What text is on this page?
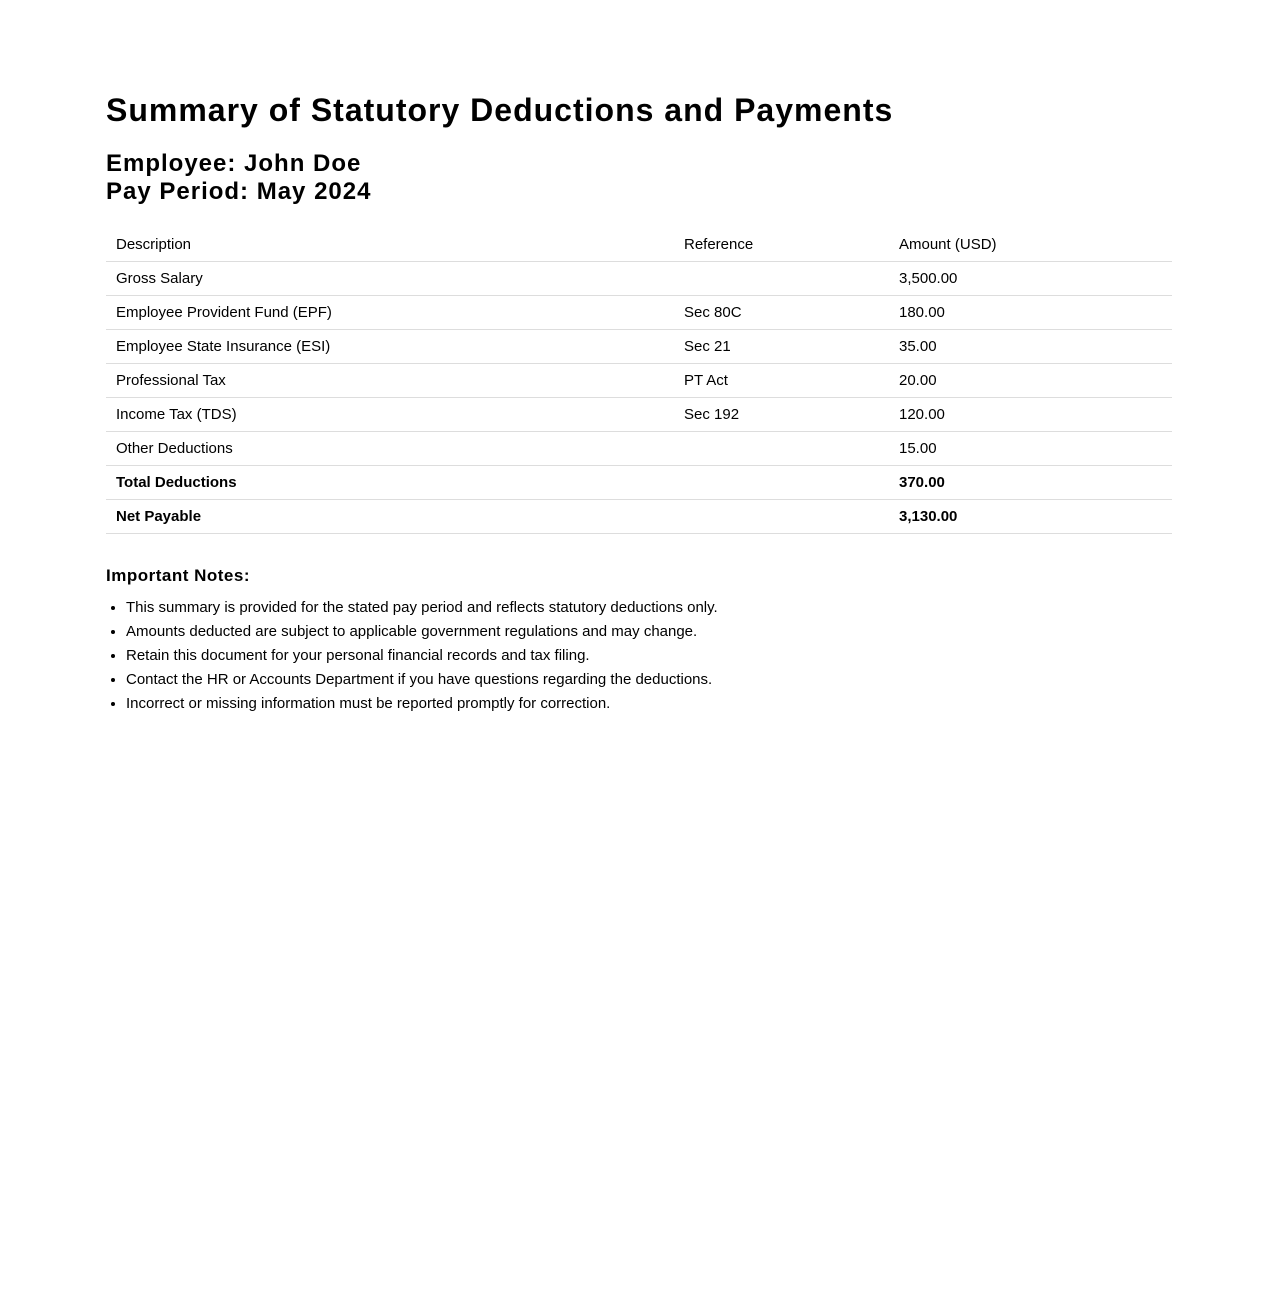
Summary of Statutory Deductions and Payments
Employee: John Doe
Pay Period: May 2024
Description	Reference	Amount (USD)
Gross Salary		3,500.00
Employee Provident Fund (EPF)	Sec 80C	180.00
Employee State Insurance (ESI)	Sec 21	35.00
Professional Tax	PT Act	20.00
Income Tax (TDS)	Sec 192	120.00
Other Deductions		15.00
Total Deductions		370.00
Net Payable		3,130.00
Important Notes:
• This summary is provided for the stated pay period and reflects statutory deductions only.
• Amounts deducted are subject to applicable government regulations and may change.
• Retain this document for your personal financial records and tax filing.
• Contact the HR or Accounts Department if you have questions regarding the deductions.
• Incorrect or missing information must be reported promptly for correction.
